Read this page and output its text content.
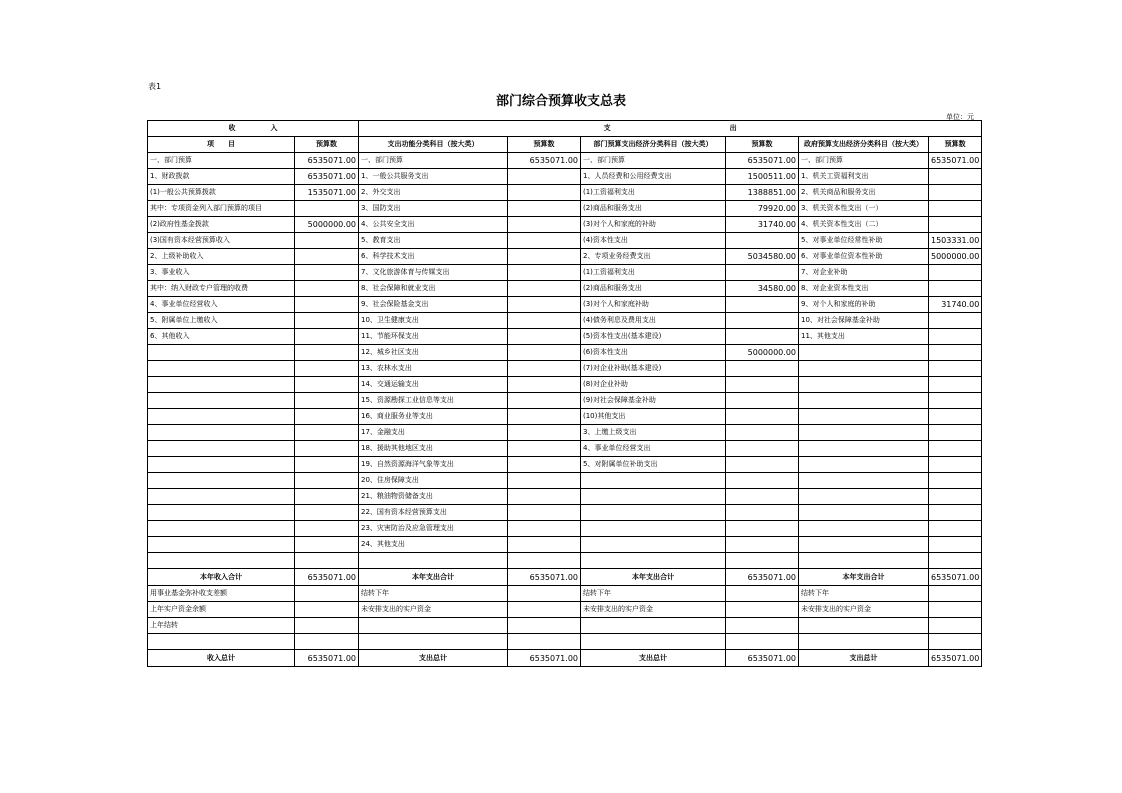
表1
部门综合预算收支总表
单位：元
收　　　　　入		支　　　　　　　　　　　　　　　　　出					
项　　目	预算数	支出功能分类科目（按大类）	预算数	部门预算支出经济分类科目（按大类）	预算数	政府预算支出经济分类科目（按大类）	预算数
一、部门预算	6535071.00	一、部门预算	6535071.00	一、部门预算	6535071.00	一、部门预算	6535071.00
1、财政拨款	6535071.00	1、一般公共服务支出		1、人员经费和公用经费支出	1500511.00	1、机关工资福利支出	
(1)一般公共预算拨款	1535071.00	2、外交支出		(1)工资福利支出	1388851.00	2、机关商品和服务支出	
其中：专项资金列入部门预算的项目		3、国防支出		(2)商品和服务支出	79920.00	3、机关资本性支出（一）	
(2)政府性基金拨款	5000000.00	4、公共安全支出		(3)对个人和家庭的补助	31740.00	4、机关资本性支出（二）	
(3)国有资本经营预算收入		5、教育支出		(4)资本性支出		5、对事业单位经常性补助	1503331.00
2、上级补助收入		6、科学技术支出		2、专项业务经费支出	5034580.00	6、对事业单位资本性补助	5000000.00
3、事业收入		7、文化旅游体育与传媒支出		(1)工资福利支出		7、对企业补助	
其中：纳入财政专户管理的收费		8、社会保障和就业支出		(2)商品和服务支出	34580.00	8、对企业资本性支出	
4、事业单位经营收入		9、社会保险基金支出		(3)对个人和家庭补助		9、对个人和家庭的补助	31740.00
5、附属单位上缴收入		10、卫生健康支出		(4)债务利息及费用支出		10、对社会保障基金补助	
6、其他收入		11、节能环保支出		(5)资本性支出(基本建设)		11、其他支出	
		12、城乡社区支出		(6)资本性支出	5000000.00		
		13、农林水支出		(7)对企业补助(基本建设)			
		14、交通运输支出		(8)对企业补助			
		15、资源勘探工业信息等支出		(9)对社会保障基金补助			
		16、商业服务业等支出		(10)其他支出			
		17、金融支出		3、上缴上级支出			
		18、援助其他地区支出		4、事业单位经营支出			
		19、自然资源海洋气象等支出		5、对附属单位补助支出			
		20、住房保障支出					
		21、粮油物资储备支出					
		22、国有资本经营预算支出					
		23、灾害防治及应急管理支出					
		24、其他支出					

本年收入合计	6535071.00	本年支出合计	6535071.00	本年支出合计	6535071.00	本年支出合计	6535071.00
用事业基金弥补收支差额		结转下年		结转下年		结转下年	
上年实户资金余额		未安排支出的实户资金		未安排支出的实户资金		未安排支出的实户资金	
上年结转							

收入总计	6535071.00	支出总计	6535071.00	支出总计	6535071.00	支出总计	6535071.00
